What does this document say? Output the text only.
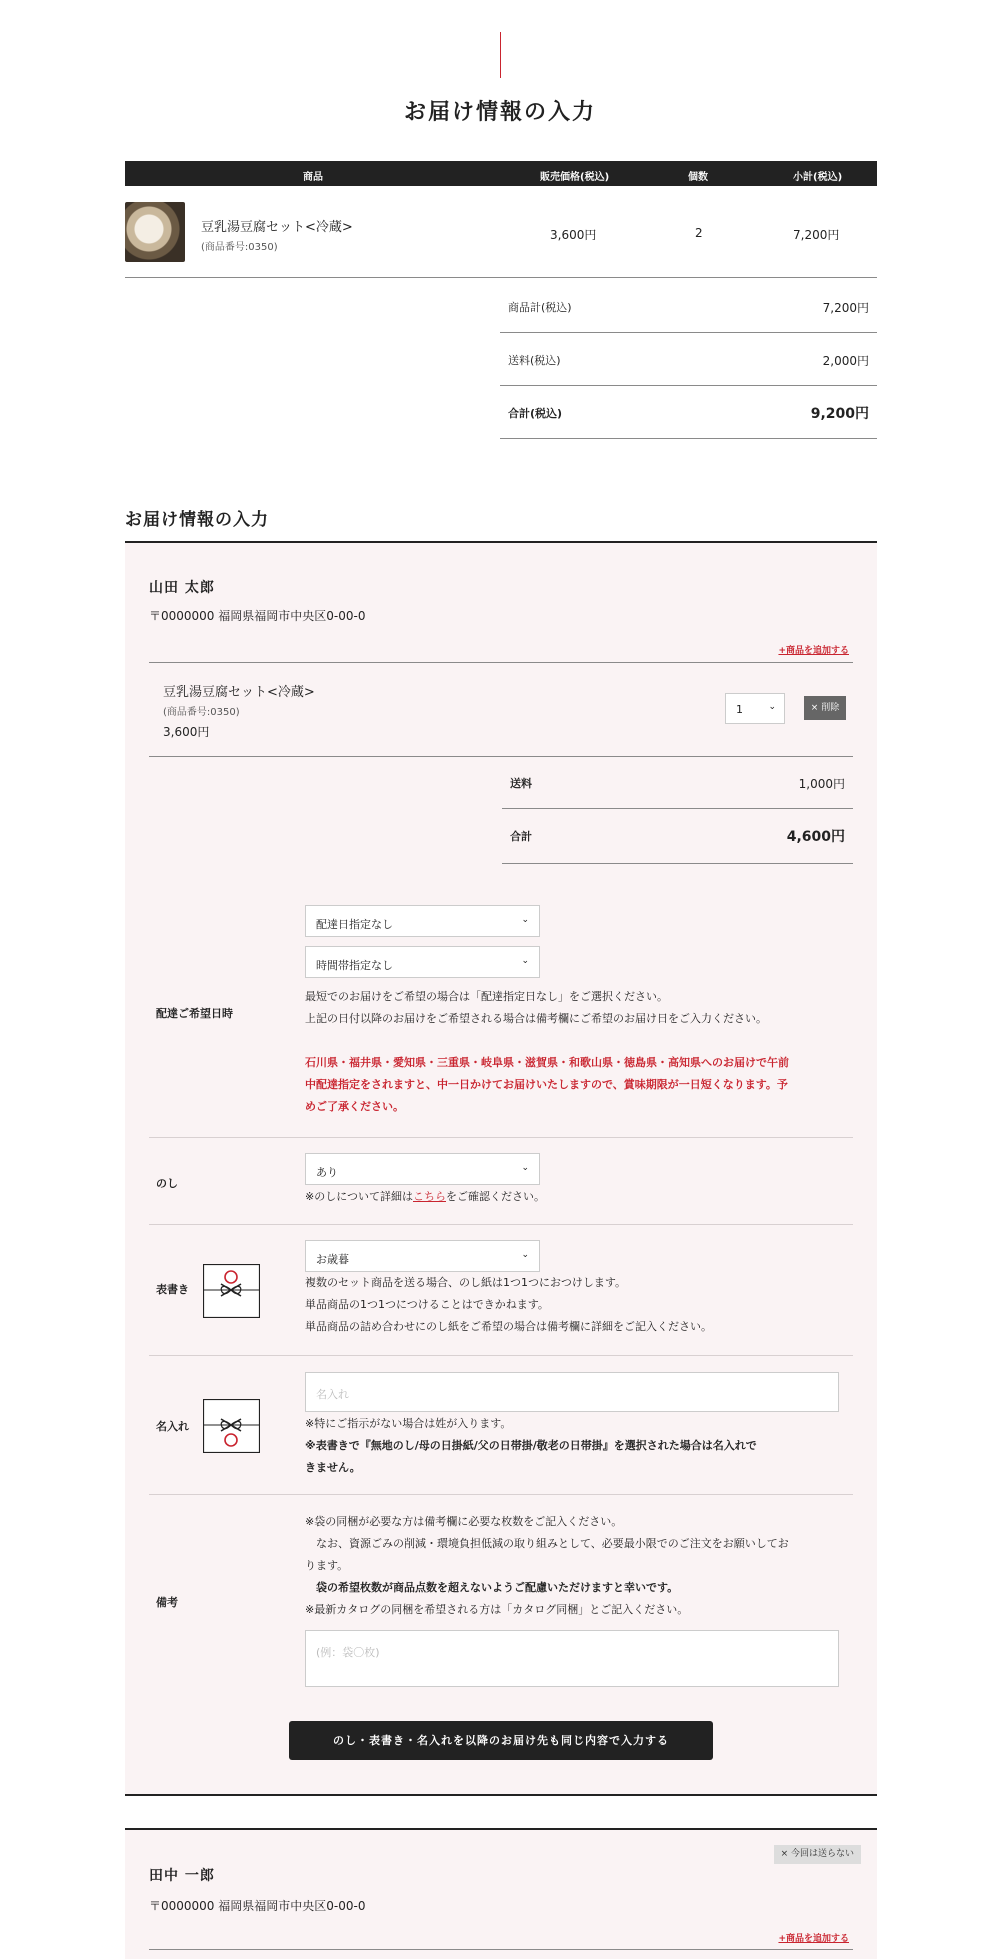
お届け情報の入力
商品	販売価格(税込)	個数	小計(税込)
豆乳湯豆腐セット<冷蔵>
(商品番号:0350)
3,600円	2	7,200円
商品計(税込)	7,200円
送料(税込)	2,000円
合計(税込)	9,200円
お届け情報の入力
山田 太郎
〒0000000 福岡県福岡市中央区0-00-0
+商品を追加する
豆乳湯豆腐セット<冷蔵>
(商品番号:0350)
3,600円
1	⌄	× 削除
送料	1,000円
合計	4,600円
配達ご希望日時
配達日指定なし	⌄
時間帯指定なし	⌄
最短でのお届けをご希望の場合は「配達指定日なし」をご選択ください。
上記の日付以降のお届けをご希望される場合は備考欄にご希望のお届け日をご入力ください。
石川県・福井県・愛知県・三重県・岐阜県・滋賀県・和歌山県・徳島県・高知県へのお届けで午前
中配達指定をされますと、中一日かけてお届けいたしますので、賞味期限が一日短くなります。予
めご了承ください。
のし
あり	⌄
※のしについて詳細はこちらをご確認ください。
表書き
お歳暮	⌄
複数のセット商品を送る場合、のし紙は1つ1つにおつけします。
単品商品の1つ1つにつけることはできかねます。
単品商品の詰め合わせにのし紙をご希望の場合は備考欄に詳細をご記入ください。
名入れ
名入れ
※特にご指示がない場合は姓が入ります。
※表書きで『無地のし/母の日掛紙/父の日帯掛/敬老の日帯掛』を選択された場合は名入れで
きません。
備考
※袋の同梱が必要な方は備考欄に必要な枚数をご記入ください。
　なお、資源ごみの削減・環境負担低減の取り組みとして、必要最小限でのご注文をお願いしてお
ります。
　袋の希望枚数が商品点数を超えないようご配慮いただけますと幸いです。
※最新カタログの同梱を希望される方は「カタログ同梱」とご記入ください。
(例：袋〇枚)
のし・表書き・名入れを以降のお届け先も同じ内容で入力する
× 今回は送らない
田中 一郎
〒0000000 福岡県福岡市中央区0-00-0
+商品を追加する
